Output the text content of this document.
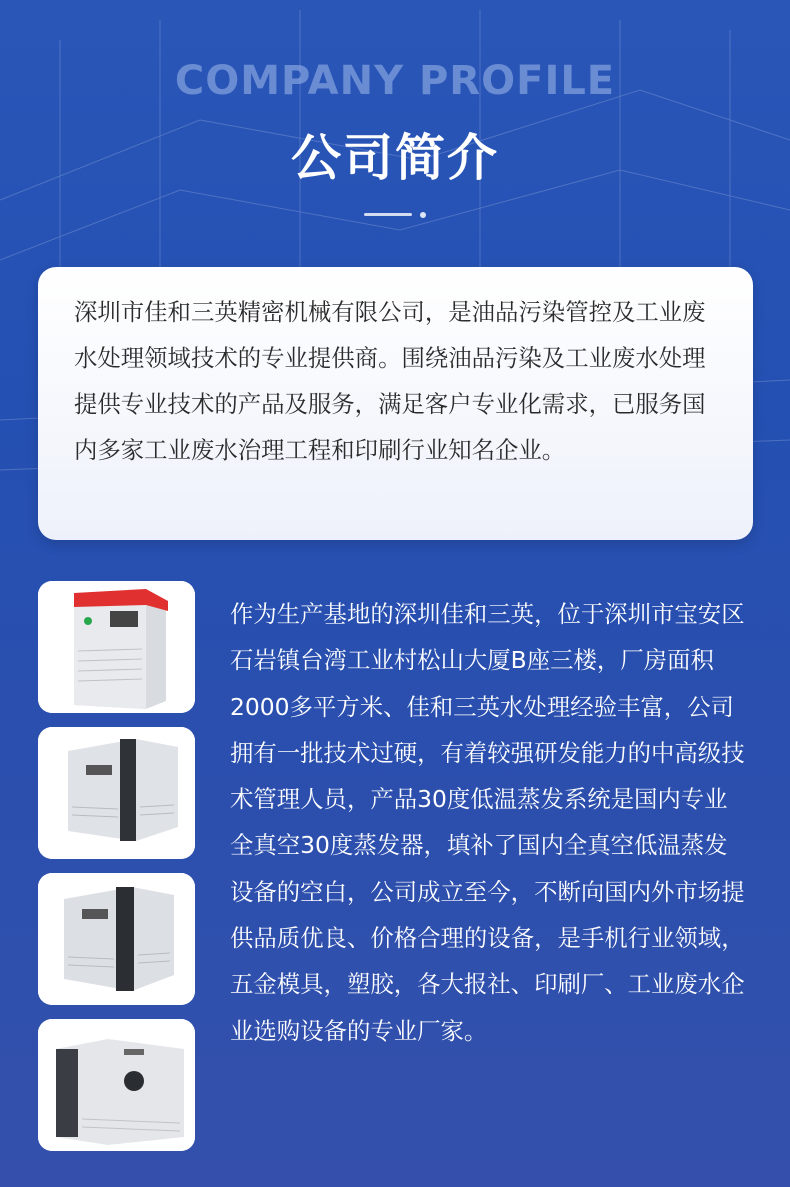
COMPANY PROFILE
公司简介

深圳市佳和三英精密机械有限公司，是油品污染管控及工业废水处理领域技术的专业提供商。围绕油品污染及工业废水处理提供专业技术的产品及服务，满足客户专业化需求，已服务国内多家工业废水治理工程和印刷行业知名企业。

作为生产基地的深圳佳和三英，位于深圳市宝安区石岩镇台湾工业村松山大厦B座三楼，厂房面积2000多平方米、佳和三英水处理经验丰富，公司拥有一批技术过硬，有着较强研发能力的中高级技术管理人员，产品30度低温蒸发系统是国内专业全真空30度蒸发器，填补了国内全真空低温蒸发设备的空白，公司成立至今，不断向国内外市场提供品质优良、价格合理的设备，是手机行业领域，五金模具，塑胶，各大报社、印刷厂、工业废水企业选购设备的专业厂家。
